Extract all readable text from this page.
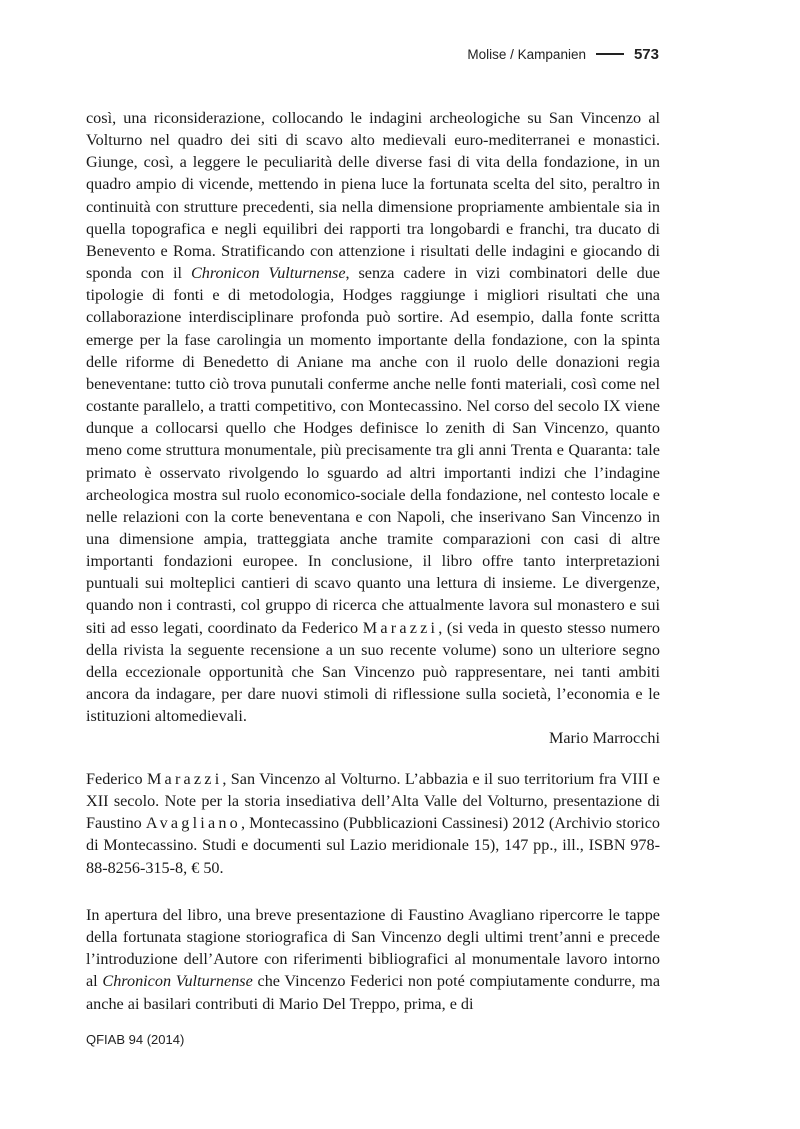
Molise / Kampanien	573

così, una riconsiderazione, collocando le indagini archeologiche su San Vincenzo al Volturno nel quadro dei siti di scavo alto medievali euro-mediterranei e monastici. Giunge, così, a leggere le peculiarità delle diverse fasi di vita della fondazione, in un quadro ampio di vicende, mettendo in piena luce la fortunata scelta del sito, peraltro in continuità con strutture precedenti, sia nella dimensione propriamente ambientale sia in quella topografica e negli equilibri dei rapporti tra longobardi e franchi, tra ducato di Benevento e Roma. Stratificando con attenzione i risultati delle indagini e giocando di sponda con il Chronicon Vulturnense, senza cadere in vizi combinatori delle due tipologie di fonti e di metodologia, Hodges raggiunge i migliori risultati che una collaborazione interdisciplinare profonda può sortire. Ad esempio, dalla fonte scritta emerge per la fase carolingia un momento importante della fondazione, con la spinta delle riforme di Benedetto di Aniane ma anche con il ruolo delle donazioni regia beneventane: tutto ciò trova punutali conferme anche nelle fonti materiali, così come nel costante parallelo, a tratti competitivo, con Montecassino. Nel corso del secolo IX viene dunque a collocarsi quello che Hodges definisce lo zenith di San Vincenzo, quanto meno come struttura monumentale, più precisamente tra gli anni Trenta e Quaranta: tale primato è osservato rivolgendo lo sguardo ad altri importanti indizi che l’indagine archeologica mostra sul ruolo economico-sociale della fondazione, nel contesto locale e nelle relazioni con la corte beneventana e con Napoli, che inserivano San Vincenzo in una dimensione ampia, tratteggiata anche tramite comparazioni con casi di altre importanti fondazioni europee. In conclusione, il libro offre tanto interpretazioni puntuali sui molteplici cantieri di scavo quanto una lettura di insieme. Le divergenze, quando non i contrasti, col gruppo di ricerca che attualmente lavora sul monastero e sui siti ad esso legati, coordinato da Federico Marazzi, (si veda in questo stesso numero della rivista la seguente recensione a un suo recente volume) sono un ulteriore segno della eccezionale opportunità che San Vincenzo può rappresentare, nei tanti ambiti ancora da indagare, per dare nuovi stimoli di riflessione sulla società, l’economia e le istituzioni altomedievali.

Mario Marrocchi

Federico Marazzi, San Vincenzo al Volturno. L’abbazia e il suo territorium fra VIII e XII secolo. Note per la storia insediativa dell’Alta Valle del Volturno, presentazione di Faustino Avagliano, Montecassino (Pubblicazioni Cassinesi) 2012 (Archivio storico di Montecassino. Studi e documenti sul Lazio meridionale 15), 147 pp., ill., ISBN 978-88-8256-315-8, € 50.

In apertura del libro, una breve presentazione di Faustino Avagliano ripercorre le tappe della fortunata stagione storiografica di San Vincenzo degli ultimi trent’anni e precede l’introduzione dell’Autore con riferimenti bibliografici al monumentale lavoro intorno al Chronicon Vulturnense che Vincenzo Federici non poté compiutamente condurre, ma anche ai basilari contributi di Mario Del Treppo, prima, e di

QFIAB 94 (2014)
